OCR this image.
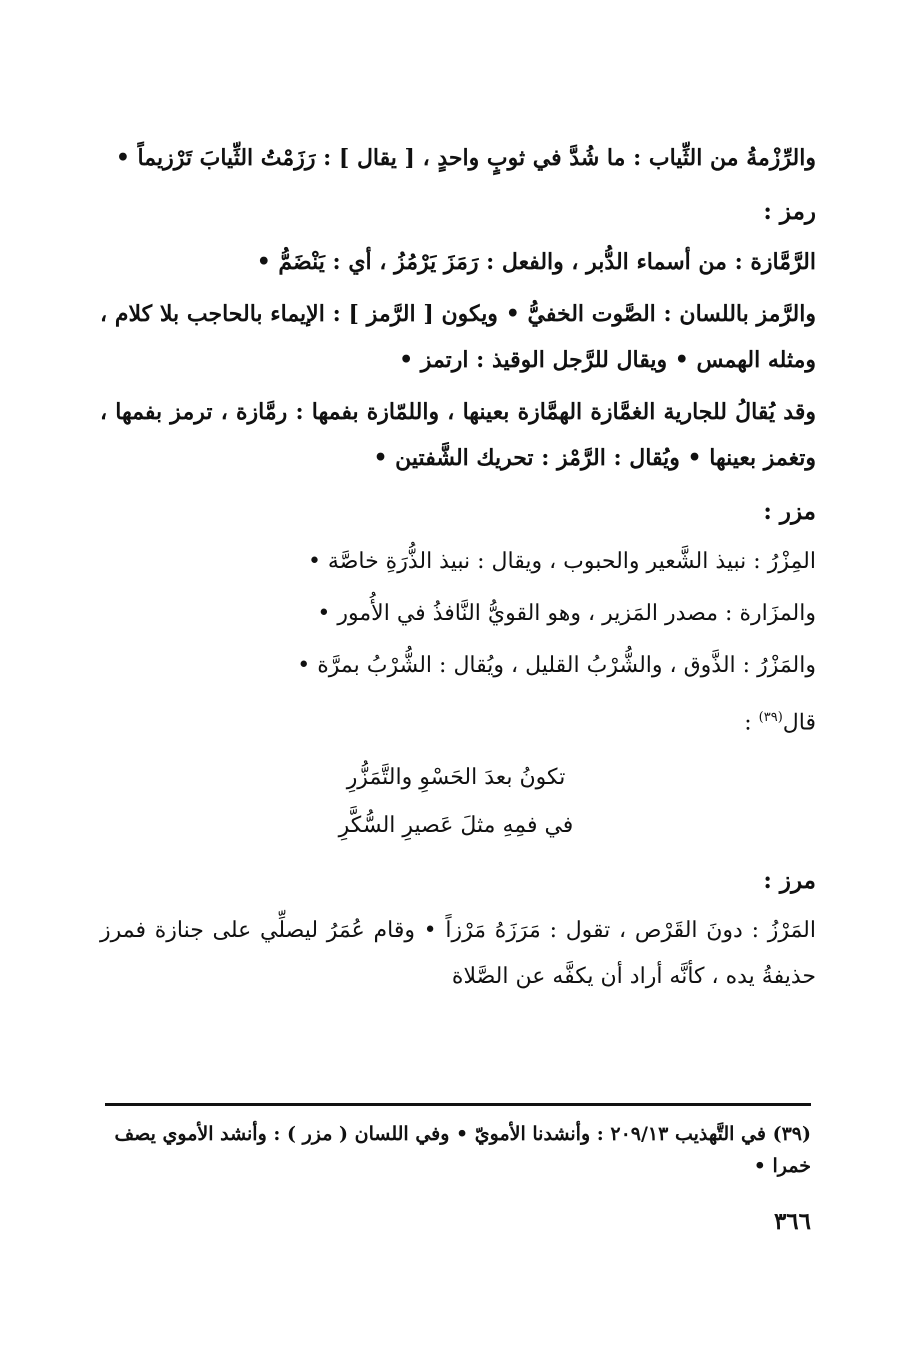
والرِّزْمةُ من الثِّياب : ما شُدَّ في ثوبٍ واحدٍ ، [ يقال ] : رَزَمْتُ الثِّيابَ تَرْزيماً •

رمز :

الرَّمَّازة : من أسماء الدُّبر ، والفعل : رَمَزَ يَرْمُزُ ، أي : يَنْضَمُّ •

والرَّمز باللسان : الصَّوت الخفيُّ • ويكون [ الرَّمز ] : الإيماء بالحاجب بلا كلام ، ومثله الهمس • ويقال للرَّجل الوقيذ : ارتمز •

وقد يُقالُ للجارية الغمَّازة الهمَّازة بعينها ، واللمّازة بفمها : رمَّازة ، ترمز بفمها ، وتغمز بعينها • ويُقال : الرَّمْز : تحريك الشَّفتين •

مزر :

المِزْرُ : نبيذ الشَّعير والحبوب ، ويقال : نبيذ الذُّرَةِ خاصَّة •

والمزَارة : مصدر المَزير ، وهو القويُّ النَّافذُ في الأُمور •

والمَزْرُ : الذَّوق ، والشُّرْبُ القليل ، ويُقال : الشُّرْبُ بمرَّة •

قال$^{(٣٩)}$ :

تكونُ بعدَ الحَسْوِ والتَّمَزُّرِ
في فمِهِ مثلَ عَصيرِ السُّكَّرِ
مرز :

المَرْزُ : دونَ القَرْص ، تقول : مَرَزَهُ مَرْزاً • وقام عُمَرُ ليصلِّي على جنازة فمرز حذيفةُ يده ، كأنَّه أراد أن يكفَّه عن الصَّلاة

(٣٩) في التَّهذيب ٢٠٩/١٣ : وأنشدنا الأمويّ • وفي اللسان ( مزر ) : وأنشد الأموي يصف خمرا •
٣٦٦
